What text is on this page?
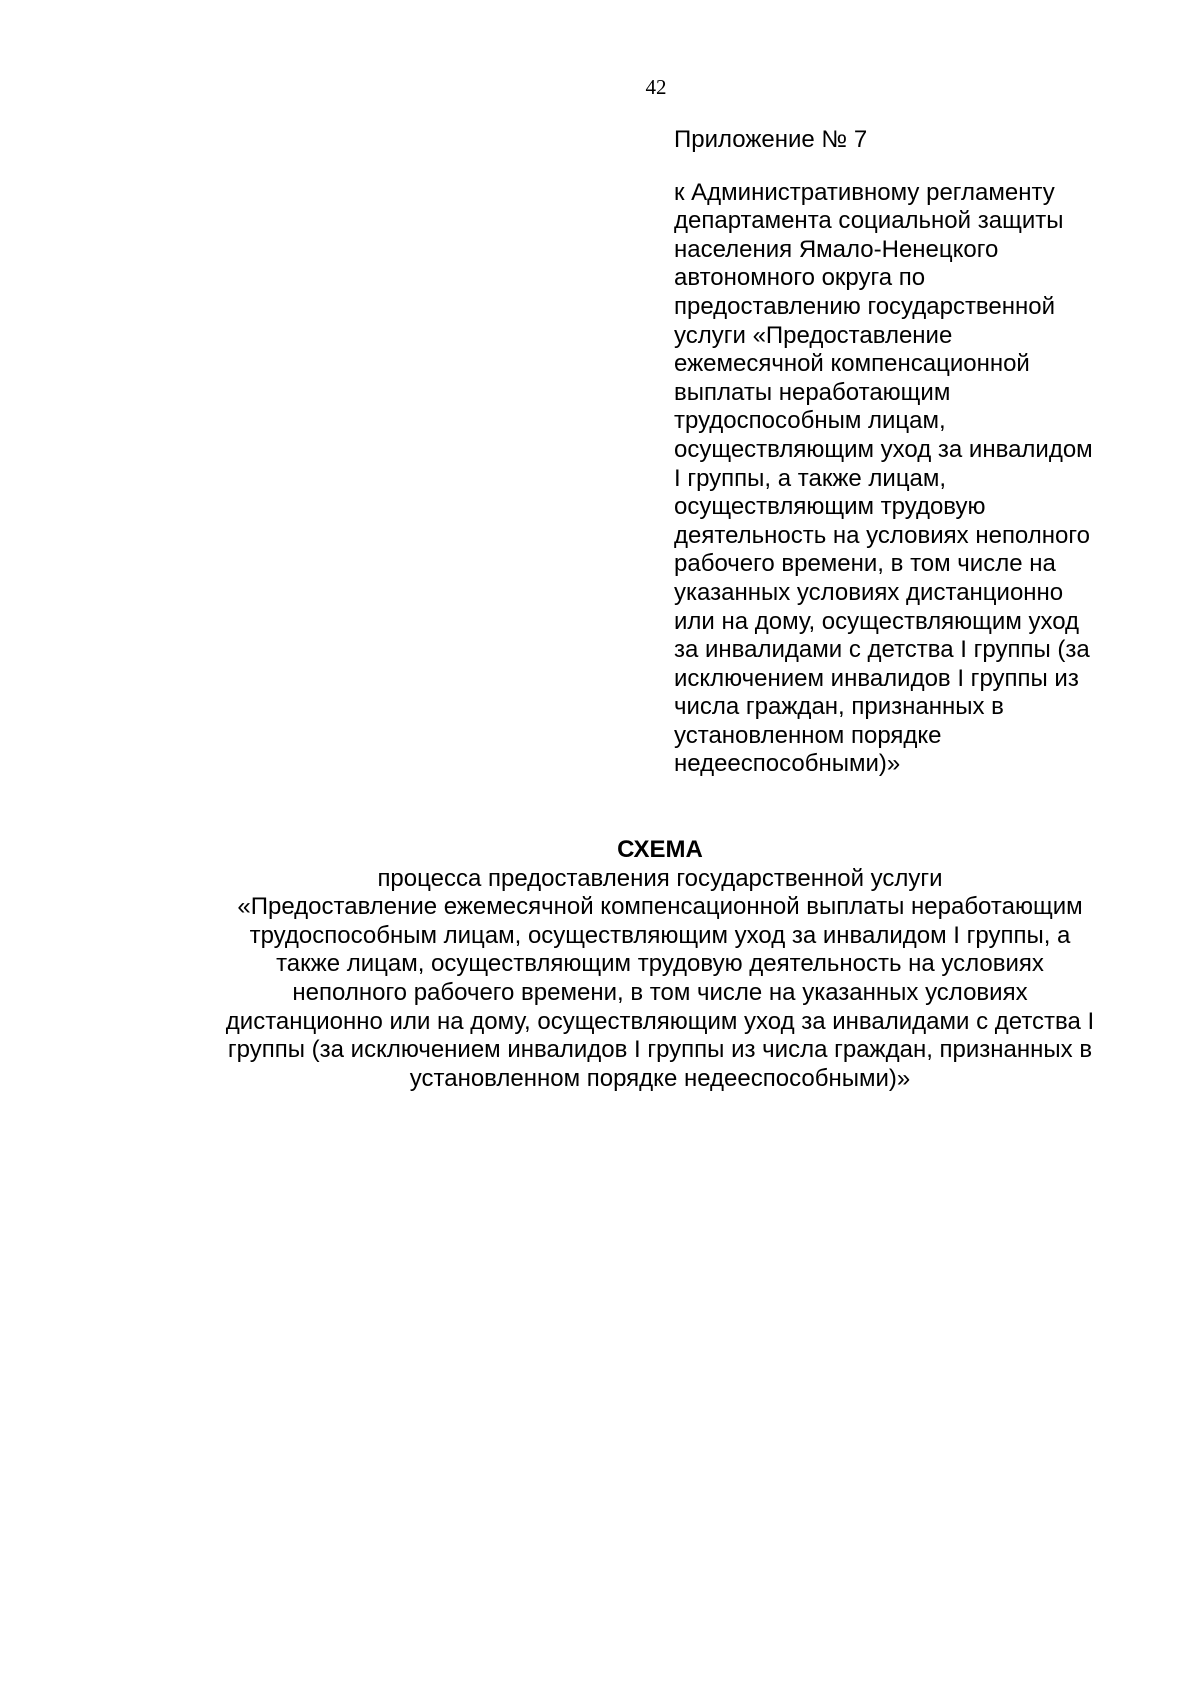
42

Приложение № 7

к Административному регламенту
департамента социальной защиты
населения Ямало-Ненецкого
автономного округа по
предоставлению государственной
услуги «Предоставление
ежемесячной компенсационной
выплаты неработающим
трудоспособным лицам,
осуществляющим уход за инвалидом
I группы, а также лицам,
осуществляющим трудовую
деятельность на условиях неполного
рабочего времени, в том числе на
указанных условиях дистанционно
или на дому, осуществляющим уход
за инвалидами с детства I группы (за
исключением инвалидов I группы из
числа граждан, признанных в
установленном порядке
недееспособными)»

СХЕМА

процесса предоставления государственной услуги
«Предоставление ежемесячной компенсационной выплаты неработающим
трудоспособным лицам, осуществляющим уход за инвалидом I группы, а
также лицам, осуществляющим трудовую деятельность на условиях
неполного рабочего времени, в том числе на указанных условиях
дистанционно или на дому, осуществляющим уход за инвалидами с детства I
группы (за исключением инвалидов I группы из числа граждан, признанных в
установленном порядке недееспособными)»
